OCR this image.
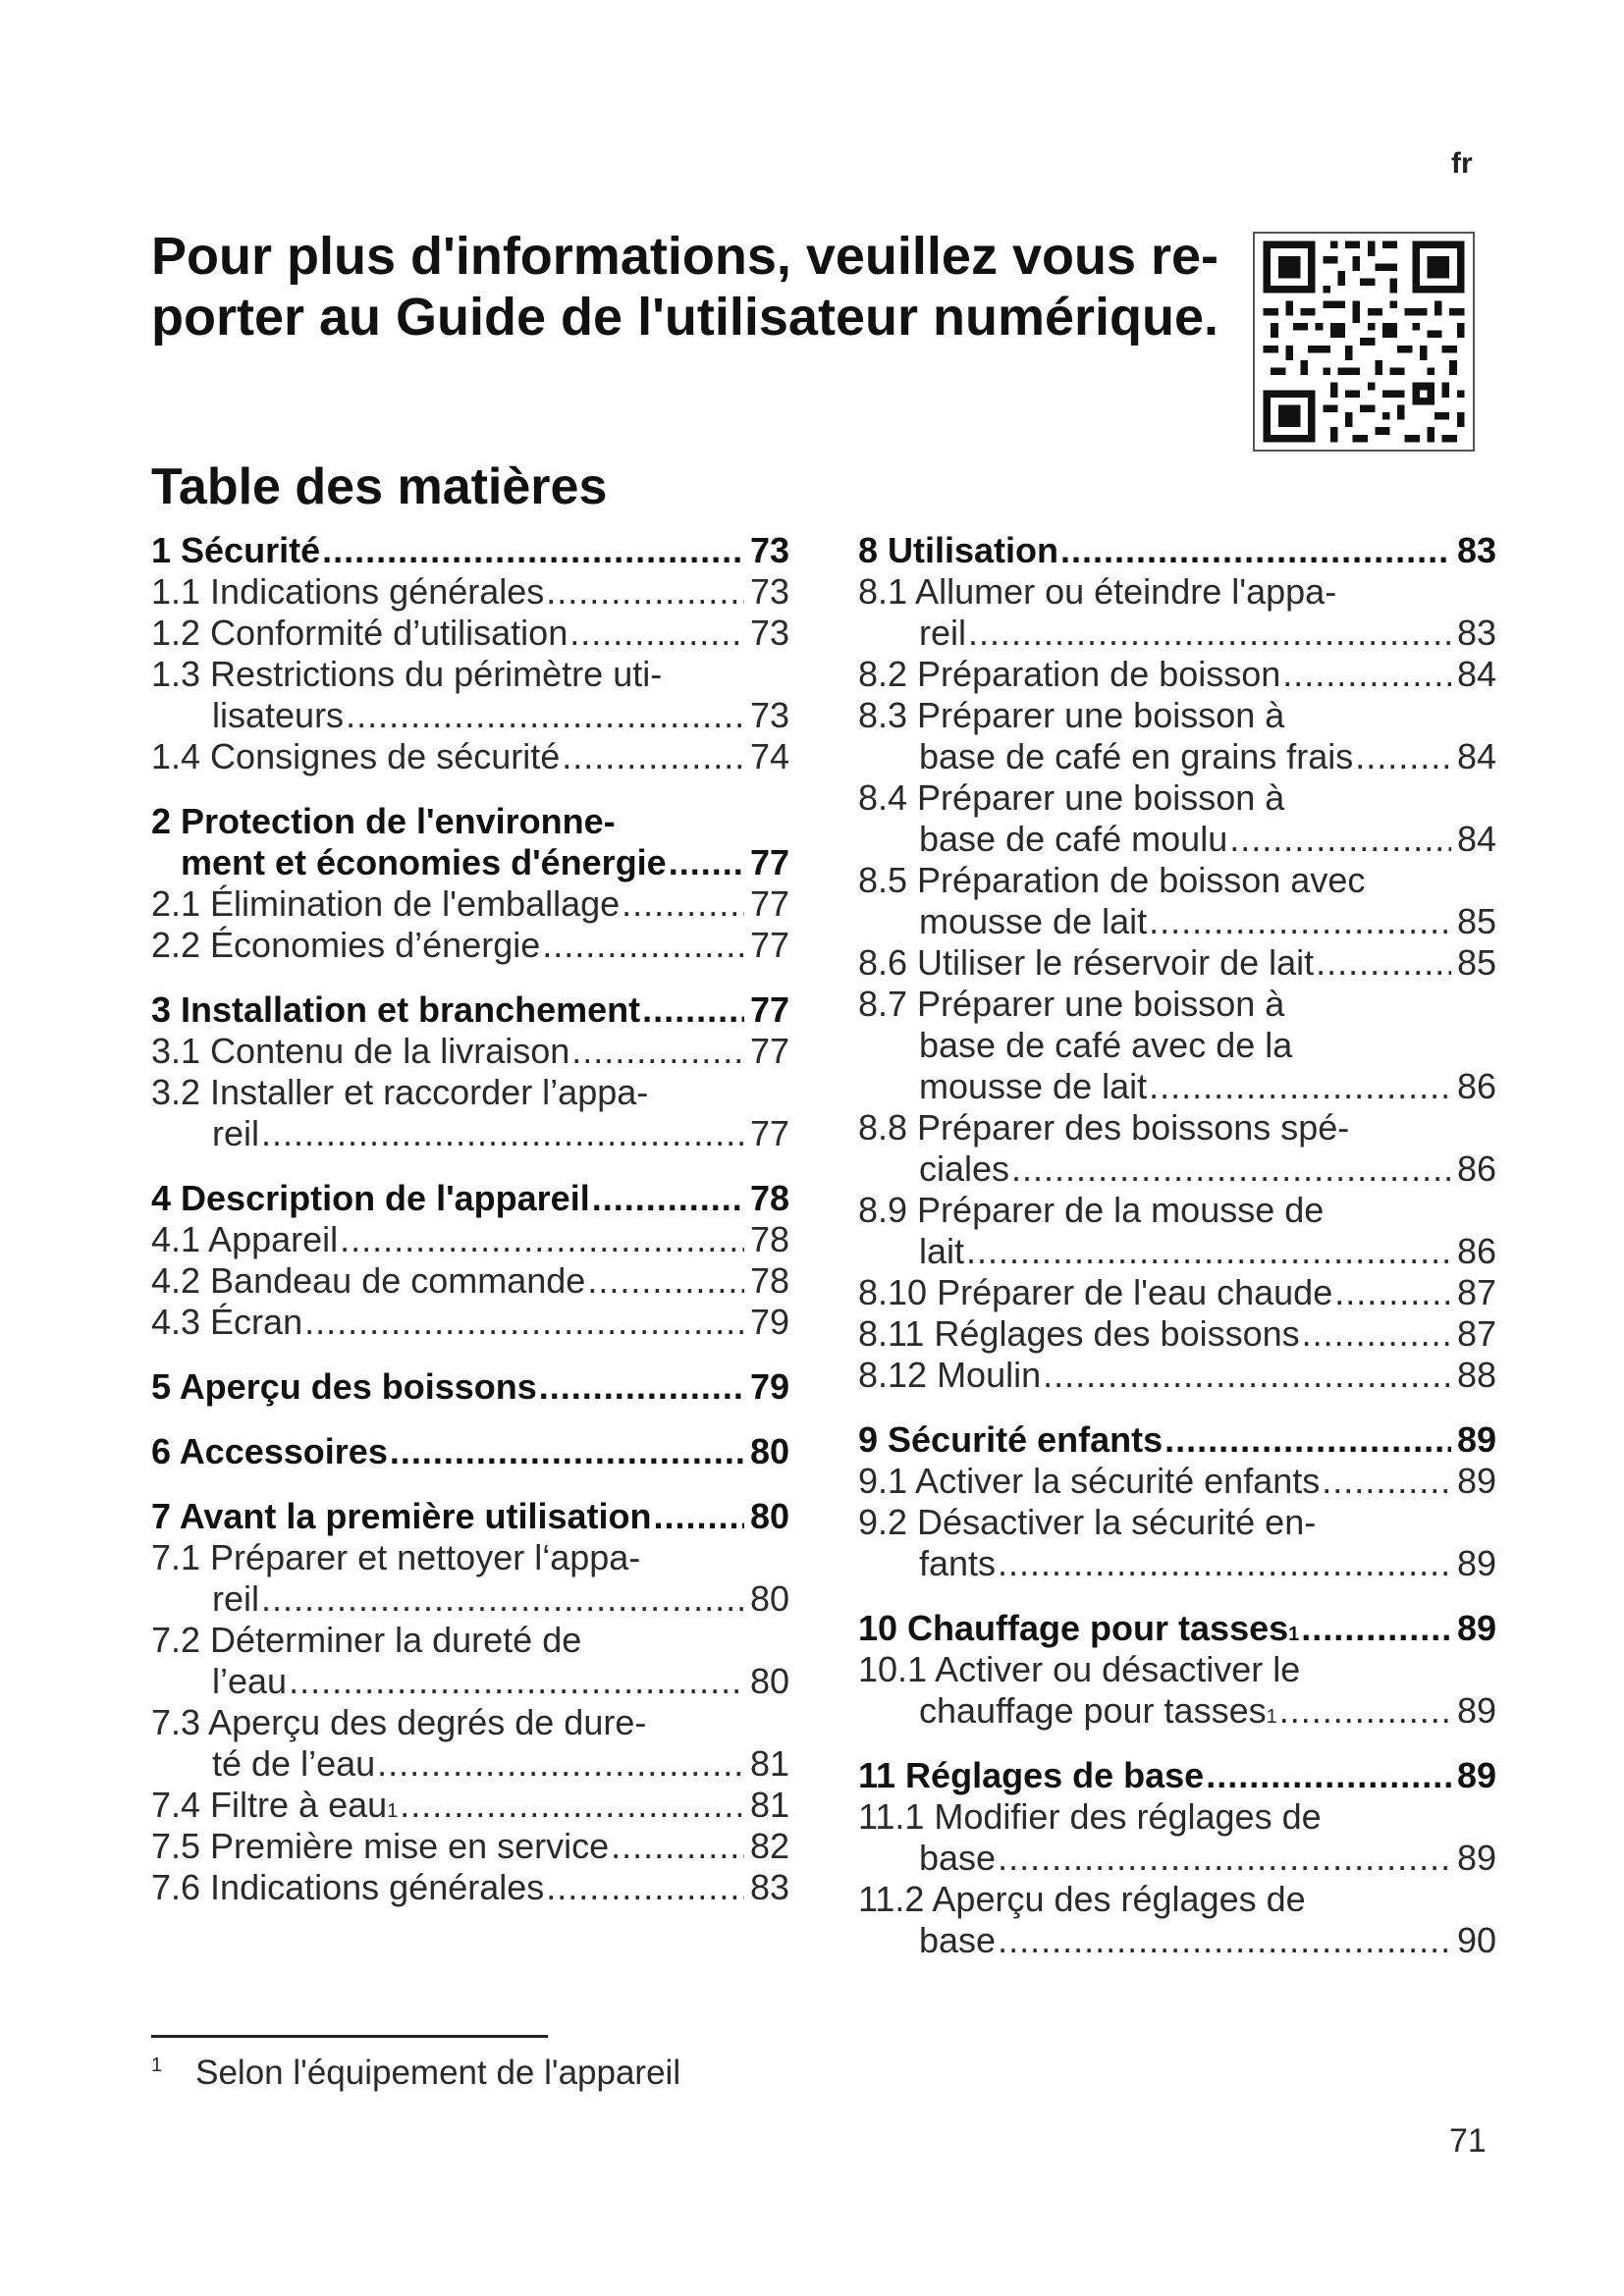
fr
Pour plus d'informations, veuillez vous re-
porter au Guide de l'utilisateur numérique.
Table des matières
1 Sécurité .....	73
1.1 Indications générales .....	73
1.2 Conformité d’utilisation .....	73
1.3 Restrictions du périmètre uti-
lisateurs .....	73
1.4 Consignes de sécurité .....	74
2 Protection de l'environne-
ment et économies d'énergie ..... 77
2.1 Élimination de l'emballage .....	77
2.2 Économies d’énergie .....	77
3 Installation et branchement .....	77
3.1 Contenu de la livraison .....	77
3.2 Installer et raccorder l’appa-
reil .....	77
4 Description de l'appareil .....	78
4.1 Appareil .....	78
4.2 Bandeau de commande .....	78
4.3 Écran .....	79
5 Aperçu des boissons .....	79
6 Accessoires .....	80
7 Avant la première utilisation .....	80
7.1 Préparer et nettoyer l‘appa-
reil .....	80
7.2 Déterminer la dureté de
l’eau .....	80
7.3 Aperçu des degrés de dure-
té de l’eau .....	81
7.4 Filtre à eau 1 .....	81
7.5 Première mise en service .....	82
7.6 Indications générales .....	83
8 Utilisation .....	83
8.1 Allumer ou éteindre l'appa-
reil .....	83
8.2 Préparation de boisson .....	84
8.3 Préparer une boisson à
base de café en grains frais .....	84
8.4 Préparer une boisson à
base de café moulu .....	84
8.5 Préparation de boisson avec
mousse de lait .....	85
8.6 Utiliser le réservoir de lait .....	85
8.7 Préparer une boisson à
base de café avec de la
mousse de lait .....	86
8.8 Préparer des boissons spé-
ciales .....	86
8.9 Préparer de la mousse de
lait .....	86
8.10 Préparer de l'eau chaude .....	87
8.11 Réglages des boissons .....	87
8.12 Moulin .....	88
9 Sécurité enfants .....	89
9.1 Activer la sécurité enfants .....	89
9.2 Désactiver la sécurité en-
fants .....	89
10 Chauffage pour tasses 1 .....	89
10.1 Activer ou désactiver le
chauffage pour tasses 1 .....	89
11 Réglages de base .....	89
11.1 Modifier des réglages de
base .....	89
11.2 Aperçu des réglages de
base .....	90
$^1$ Selon l'équipement de l'appareil
71
